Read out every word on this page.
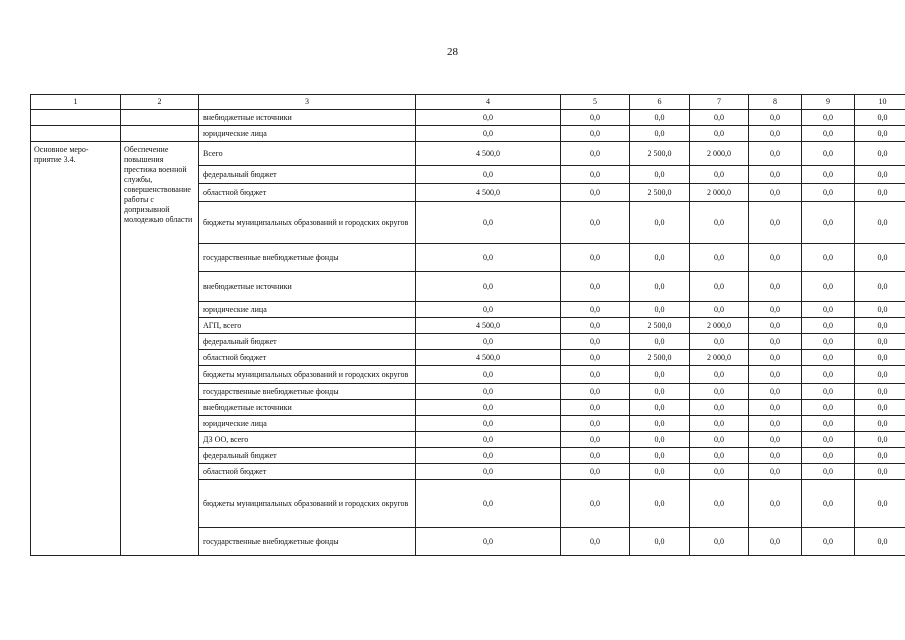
28
1	2	3	4	5	6	7	8	9	10
		внебюджетные источники	0,0	0,0	0,0	0,0	0,0	0,0	0,0
		юридические лица	0,0	0,0	0,0	0,0	0,0	0,0	0,0
Основное меро-
приятие 3.4.	Обеспечение повышения престижа военной службы, совершенствование работы с допризывной молодежью области	Всего	4 500,0	0,0	2 500,0	2 000,0	0,0	0,0	0,0
		федеральный бюджет	0,0	0,0	0,0	0,0	0,0	0,0	0,0
		областной бюджет	4 500,0	0,0	2 500,0	2 000,0	0,0	0,0	0,0
		бюджеты муниципальных образований и городских округов	0,0	0,0	0,0	0,0	0,0	0,0	0,0
		государственные внебюджетные фонды	0,0	0,0	0,0	0,0	0,0	0,0	0,0
		внебюджетные источники	0,0	0,0	0,0	0,0	0,0	0,0	0,0
		юридические лица	0,0	0,0	0,0	0,0	0,0	0,0	0,0
		АГП, всего	4 500,0	0,0	2 500,0	2 000,0	0,0	0,0	0,0
		федеральный бюджет	0,0	0,0	0,0	0,0	0,0	0,0	0,0
		областной бюджет	4 500,0	0,0	2 500,0	2 000,0	0,0	0,0	0,0
		бюджеты муниципальных образований и городских округов	0,0	0,0	0,0	0,0	0,0	0,0	0,0
		государственные внебюджетные фонды	0,0	0,0	0,0	0,0	0,0	0,0	0,0
		внебюджетные источники	0,0	0,0	0,0	0,0	0,0	0,0	0,0
		юридические лица	0,0	0,0	0,0	0,0	0,0	0,0	0,0
		ДЗ ОО, всего	0,0	0,0	0,0	0,0	0,0	0,0	0,0
		федеральный бюджет	0,0	0,0	0,0	0,0	0,0	0,0	0,0
		областной бюджет	0,0	0,0	0,0	0,0	0,0	0,0	0,0
		бюджеты муниципальных образований и городских округов	0,0	0,0	0,0	0,0	0,0	0,0	0,0
		государственные внебюджетные фонды	0,0	0,0	0,0	0,0	0,0	0,0	0,0
